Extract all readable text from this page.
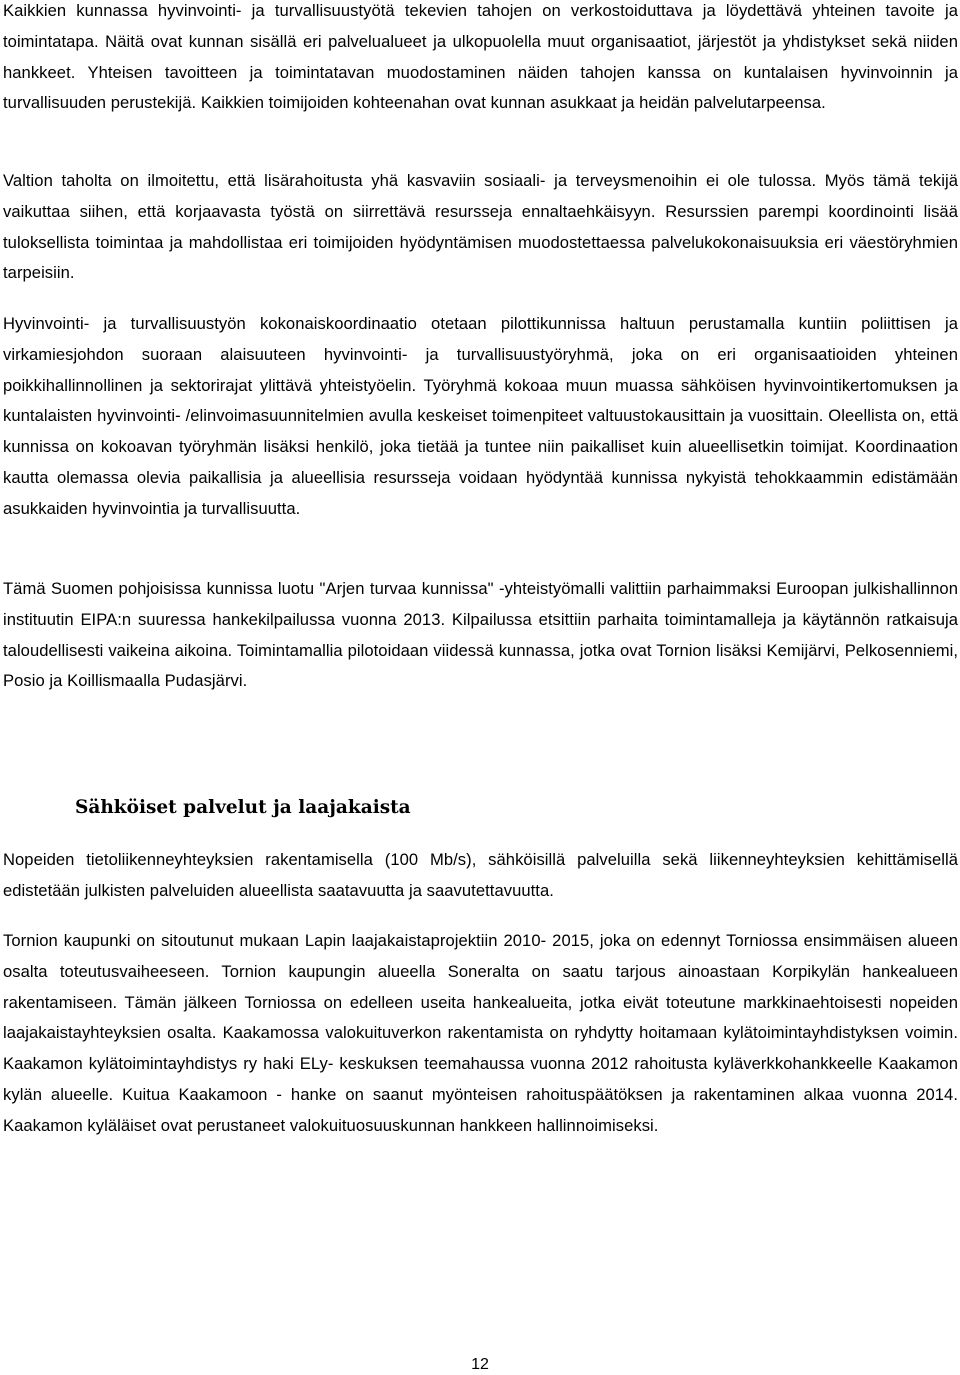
Kaikkien kunnassa hyvinvointi- ja turvallisuustyötä tekevien tahojen on verkostoiduttava ja löydettävä yhteinen tavoite ja toimintatapa. Näitä ovat kunnan sisällä eri palvelualueet ja ulkopuolella muut organisaatiot, järjestöt ja yhdistykset sekä niiden hankkeet. Yhteisen tavoitteen ja toimintatavan muodostaminen näiden tahojen kanssa on kuntalaisen hyvinvoinnin ja turvallisuuden perustekijä. Kaikkien toimijoiden kohteenahan ovat kunnan asukkaat ja heidän palvelutarpeensa.

Valtion taholta on ilmoitettu, että lisärahoitusta yhä kasvaviin sosiaali- ja terveysmenoihin ei ole tulossa. Myös tämä tekijä vaikuttaa siihen, että korjaavasta työstä on siirrettävä resursseja ennaltaehkäisyyn. Resurssien parempi koordinointi lisää tuloksellista toimintaa ja mahdollistaa eri toimijoiden hyödyntämisen muodostettaessa palvelukokonaisuuksia eri väestöryhmien tarpeisiin.

Hyvinvointi- ja turvallisuustyön kokonaiskoordinaatio otetaan pilottikunnissa haltuun perustamalla kuntiin poliittisen ja virkamiesjohdon suoraan alaisuuteen hyvinvointi- ja turvallisuustyöryhmä, joka on eri organisaatioiden yhteinen poikkihallinnollinen ja sektorirajat ylittävä yhteistyöelin. Työryhmä kokoaa muun muassa sähköisen hyvinvointikertomuksen ja kuntalaisten hyvinvointi- /elinvoimasuunnitelmien avulla keskeiset toimenpiteet valtuustokausittain ja vuosittain. Oleellista on, että kunnissa on kokoavan työryhmän lisäksi henkilö, joka tietää ja tuntee niin paikalliset kuin alueellisetkin toimijat. Koordinaation kautta olemassa olevia paikallisia ja alueellisia resursseja voidaan hyödyntää kunnissa nykyistä tehokkaammin edistämään asukkaiden hyvinvointia ja turvallisuutta.

Tämä Suomen pohjoisissa kunnissa luotu "Arjen turvaa kunnissa" -yhteistyömalli valittiin parhaimmaksi Euroopan julkishallinnon instituutin EIPA:n suuressa hankekilpailussa vuonna 2013. Kilpailussa etsittiin parhaita toimintamalleja ja käytännön ratkaisuja taloudellisesti vaikeina aikoina. Toimintamallia pilotoidaan viidessä kunnassa, jotka ovat Tornion lisäksi Kemijärvi, Pelkosenniemi, Posio ja Koillismaalla Pudasjärvi.

Sähköiset palvelut ja laajakaista

Nopeiden tietoliikenneyhteyksien rakentamisella (100 Mb/s), sähköisillä palveluilla sekä liikenneyhteyksien kehittämisellä edistetään julkisten palveluiden alueellista saatavuutta ja saavutettavuutta.

Tornion kaupunki on sitoutunut mukaan Lapin laajakaistaprojektiin 2010- 2015, joka on edennyt Torniossa ensimmäisen alueen osalta toteutusvaiheeseen. Tornion kaupungin alueella Soneralta on saatu tarjous ainoastaan Korpikylän hankealueen rakentamiseen. Tämän jälkeen Torniossa on edelleen useita hankealueita, jotka eivät toteutune markkinaehtoisesti nopeiden laajakaistayhteyksien osalta. Kaakamossa valokuituverkon rakentamista on ryhdytty hoitamaan kylätoimintayhdistyksen voimin. Kaakamon kylätoimintayhdistys ry haki ELy- keskuksen teemahaussa vuonna 2012 rahoitusta kyläverkkohankkeelle Kaakamon kylän alueelle. Kuitua Kaakamoon - hanke on saanut myönteisen rahoituspäätöksen ja rakentaminen alkaa vuonna 2014. Kaakamon kyläläiset ovat perustaneet valokuituosuuskunnan hankkeen hallinnoimiseksi.

12
